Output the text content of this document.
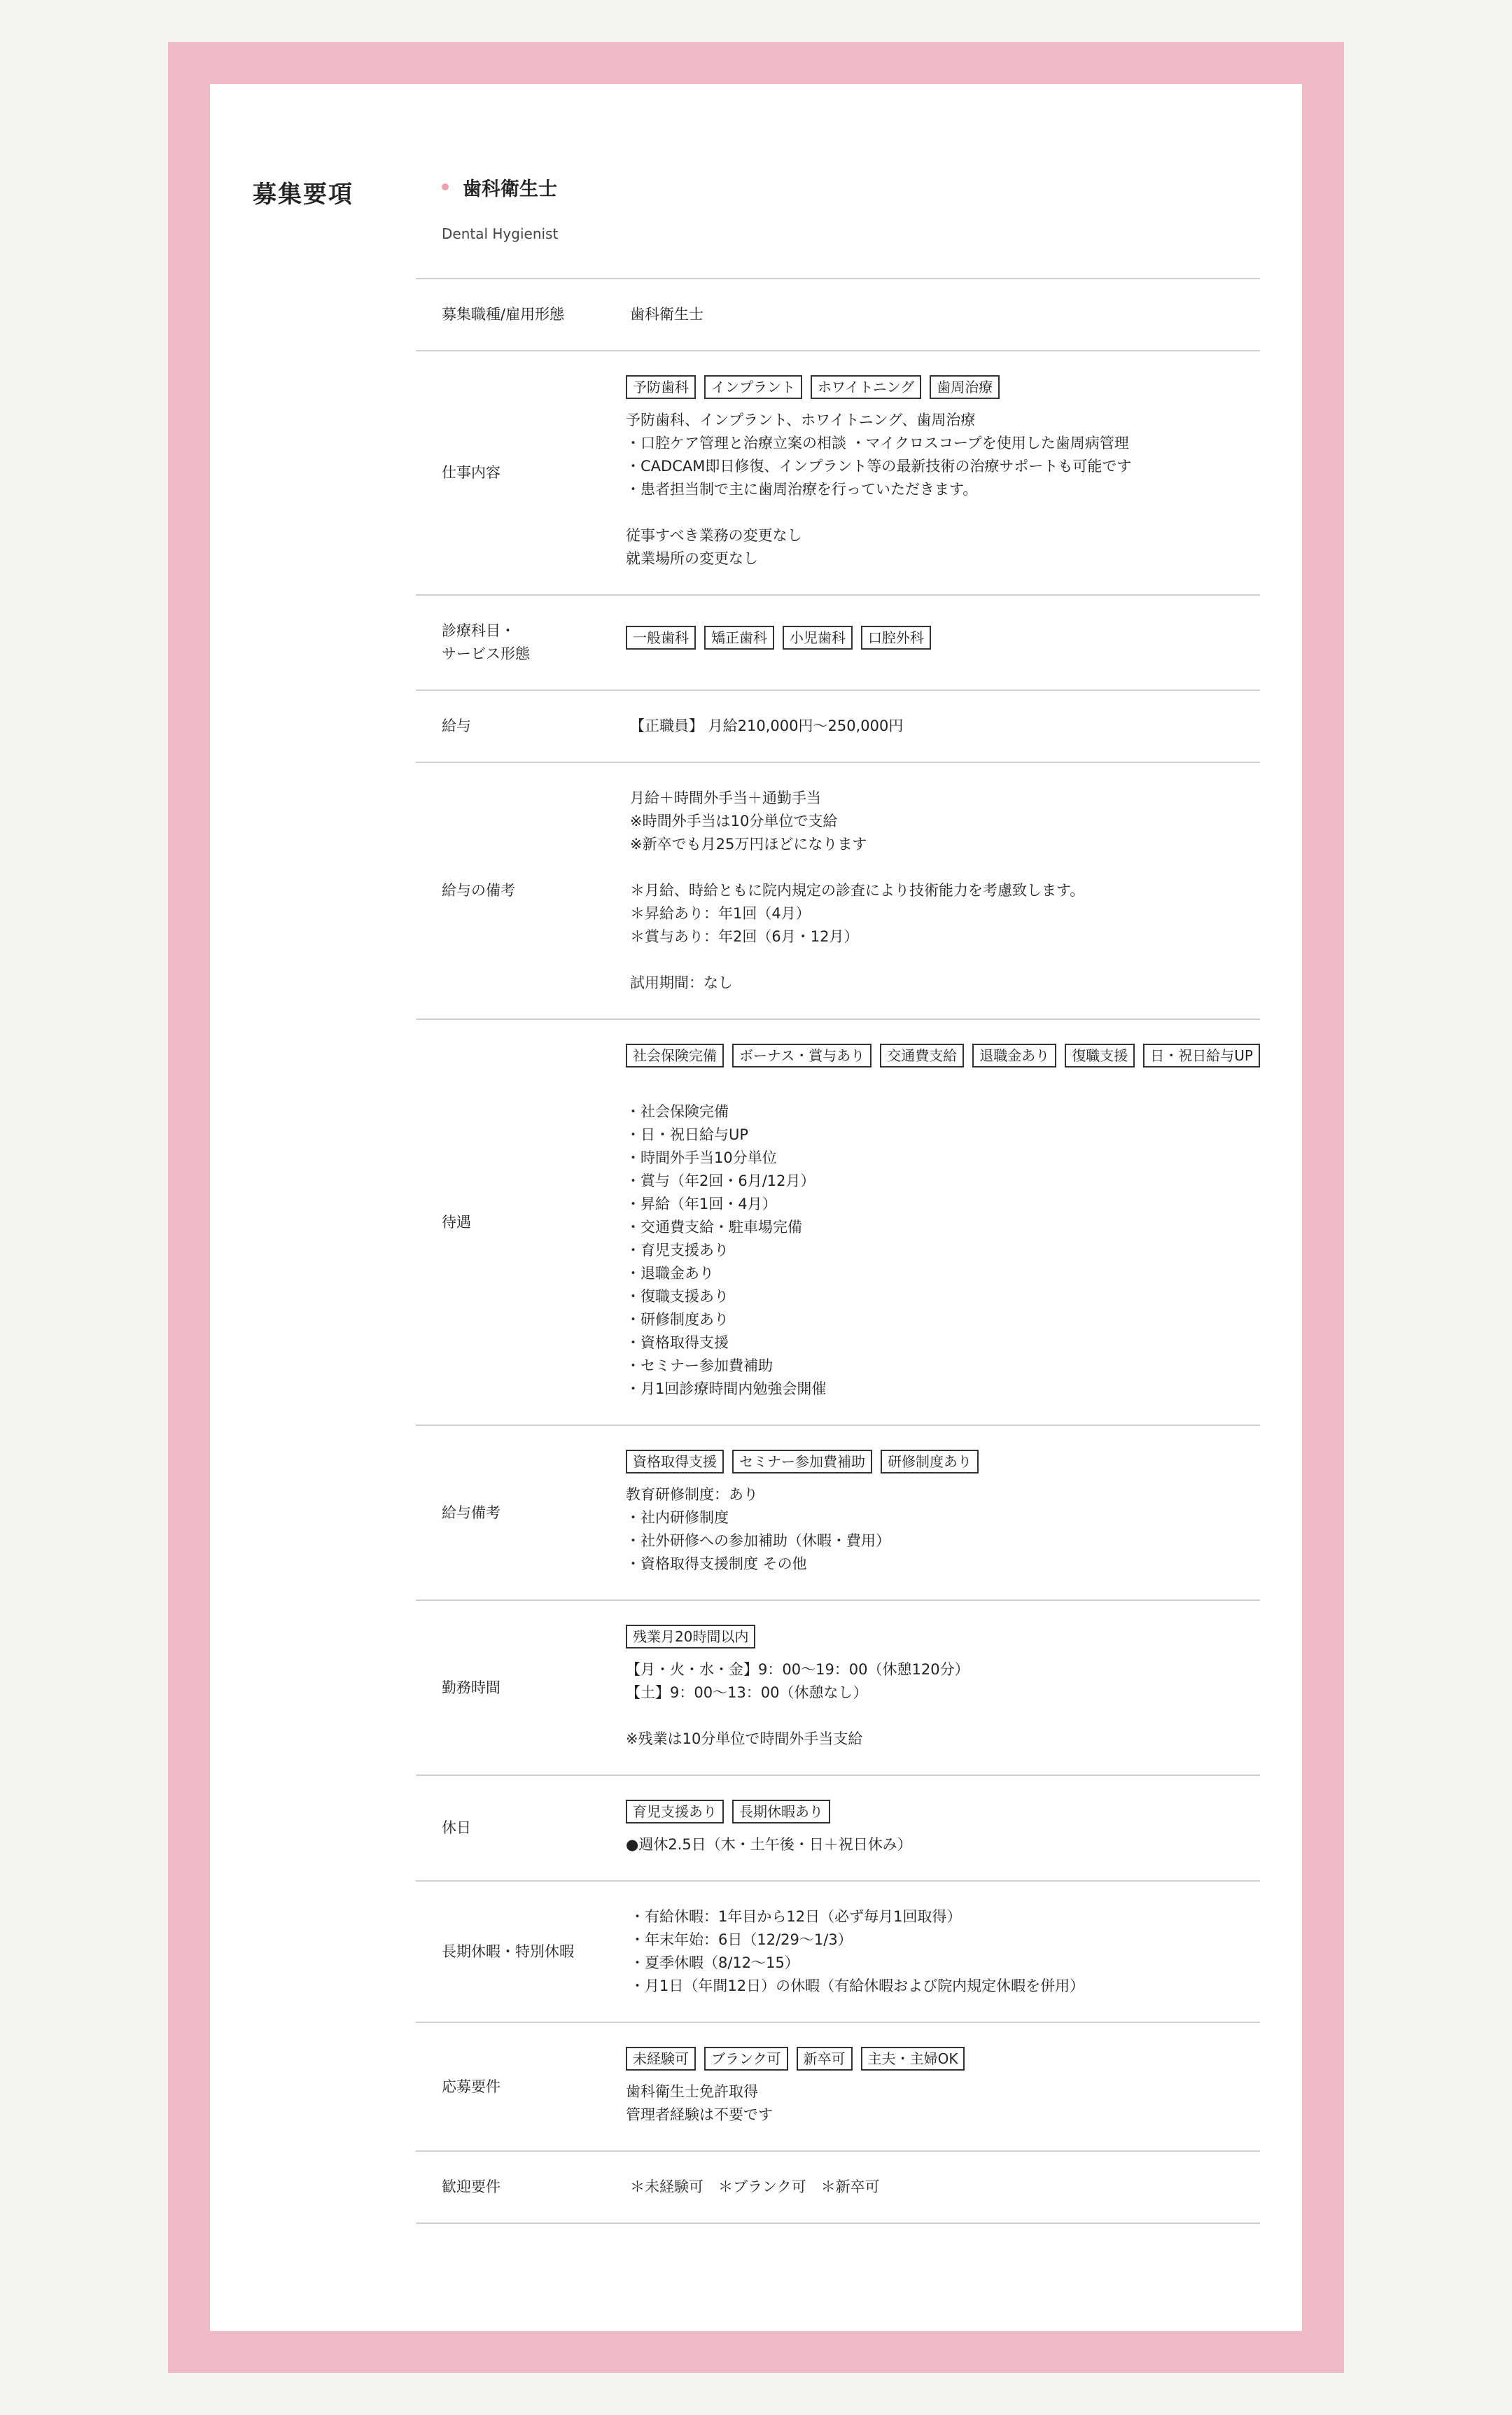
募集要項	歯科衛生士
Dental Hygienist
募集職種/雇用形態	歯科衛生士

仕事内容
予防歯科	インプラント	ホワイトニング	歯周治療

予防歯科、インプラント、ホワイトニング、歯周治療
・口腔ケア管理と治療立案の相談 ・マイクロスコープを使用した歯周病管理
・CADCAM即日修復、インプラント等の最新技術の治療サポートも可能です
・患者担当制で主に歯周治療を行っていただきます。

従事すべき業務の変更なし
就業場所の変更なし

診療科目・
サービス形態
一般歯科	矯正歯科	小児歯科	口腔外科
給与	【正職員】 月給210,000円〜250,000円

給与の備考

月給＋時間外手当＋通勤手当
※時間外手当は10分単位で支給
※新卒でも月25万円ほどになります

＊月給、時給ともに院内規定の診査により技術能力を考慮致します。
＊昇給あり：年1回（4月）
＊賞与あり：年2回（6月・12月）

試用期間：なし

待遇
社会保険完備	ボーナス・賞与あり	交通費支給	退職金あり	復職支援	日・祝日給与UP

・社会保険完備
・日・祝日給与UP
・時間外手当10分単位
・賞与（年2回・6月/12月）
・昇給（年1回・4月）
・交通費支給・駐車場完備
・育児支援あり
・退職金あり
・復職支援あり
・研修制度あり
・資格取得支援
・セミナー参加費補助
・月1回診療時間内勉強会開催

給与備考
資格取得支援	セミナー参加費補助	研修制度あり

教育研修制度：あり
・社内研修制度
・社外研修への参加補助（休暇・費用）
・資格取得支援制度 その他

勤務時間
残業月20時間以内

【月・火・水・金】9：00〜19：00（休憩120分）
【土】9：00〜13：00（休憩なし）

※残業は10分単位で時間外手当支給

休日
育児支援あり	長期休暇あり

●週休2.5日（木・土午後・日＋祝日休み）

長期休暇・特別休暇

・有給休暇：1年目から12日（必ず毎月1回取得）
・年末年始：6日（12/29〜1/3）
・夏季休暇（8/12〜15）
・月1日（年間12日）の休暇（有給休暇および院内規定休暇を併用）

応募要件
未経験可	ブランク可	新卒可	主夫・主婦OK

歯科衛生士免許取得
管理者経験は不要です

歓迎要件	＊未経験可　＊ブランク可　＊新卒可
